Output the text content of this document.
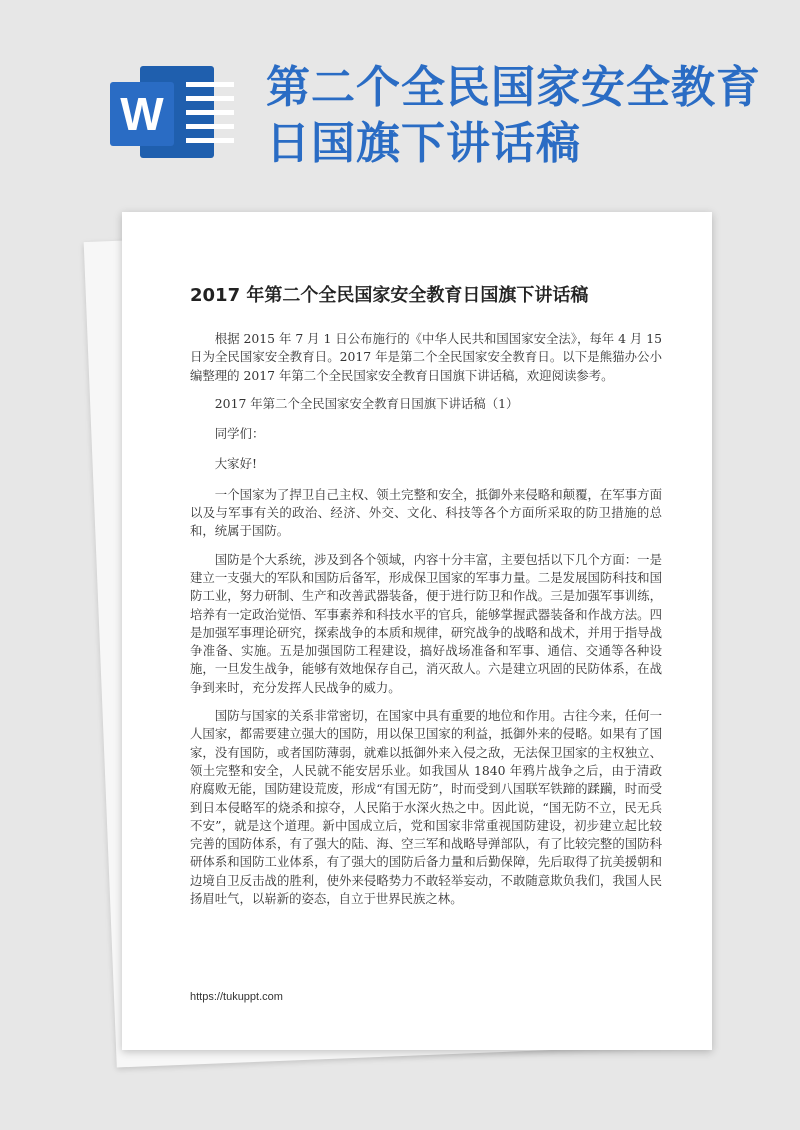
W
第二个全民国家安全教育日国旗下讲话稿
2017 年第二个全民国家安全教育日国旗下讲话稿

根据 2015 年 7 月 1 日公布施行的《中华人民共和国国家安全法》，每年 4 月 15 日为全民国家安全教育日。2017 年是第二个全民国家安全教育日。以下是熊猫办公小编整理的 2017 年第二个全民国家安全教育日国旗下讲话稿，欢迎阅读参考。

2017 年第二个全民国家安全教育日国旗下讲话稿（1）

同学们：

大家好!

一个国家为了捍卫自己主权、领土完整和安全，抵御外来侵略和颠覆，在军事方面以及与军事有关的政治、经济、外交、文化、科技等各个方面所采取的防卫措施的总和，统属于国防。

国防是个大系统，涉及到各个领域，内容十分丰富，主要包括以下几个方面：一是建立一支强大的军队和国防后备军，形成保卫国家的军事力量。二是发展国防科技和国防工业，努力研制、生产和改善武器装备，便于进行防卫和作战。三是加强军事训练，培养有一定政治觉悟、军事素养和科技水平的官兵，能够掌握武器装备和作战方法。四是加强军事理论研究，探索战争的本质和规律，研究战争的战略和战术，并用于指导战争准备、实施。五是加强国防工程建设，搞好战场准备和军事、通信、交通等各种设施，一旦发生战争，能够有效地保存自己，消灭敌人。六是建立巩固的民防体系，在战争到来时，充分发挥人民战争的威力。

国防与国家的关系非常密切，在国家中具有重要的地位和作用。古往今来，任何一人国家，都需要建立强大的国防，用以保卫国家的利益，抵御外来的侵略。如果有了国家，没有国防，或者国防薄弱，就难以抵御外来入侵之敌，无法保卫国家的主权独立、领土完整和安全，人民就不能安居乐业。如我国从 1840 年鸦片战争之后，由于清政府腐败无能，国防建设荒废，形成“有国无防”，时而受到八国联军铁蹄的蹂躏，时而受到日本侵略军的烧杀和掠夺，人民陷于水深火热之中。因此说，“国无防不立，民无兵不安”，就是这个道理。新中国成立后，党和国家非常重视国防建设，初步建立起比较完善的国防体系，有了强大的陆、海、空三军和战略导弹部队，有了比较完整的国防科研体系和国防工业体系，有了强大的国防后备力量和后勤保障，先后取得了抗美援朝和边境自卫反击战的胜利，使外来侵略势力不敢轻举妄动，不敢随意欺负我们，我国人民扬眉吐气，以崭新的姿态，自立于世界民族之林。

https://tukuppt.com
